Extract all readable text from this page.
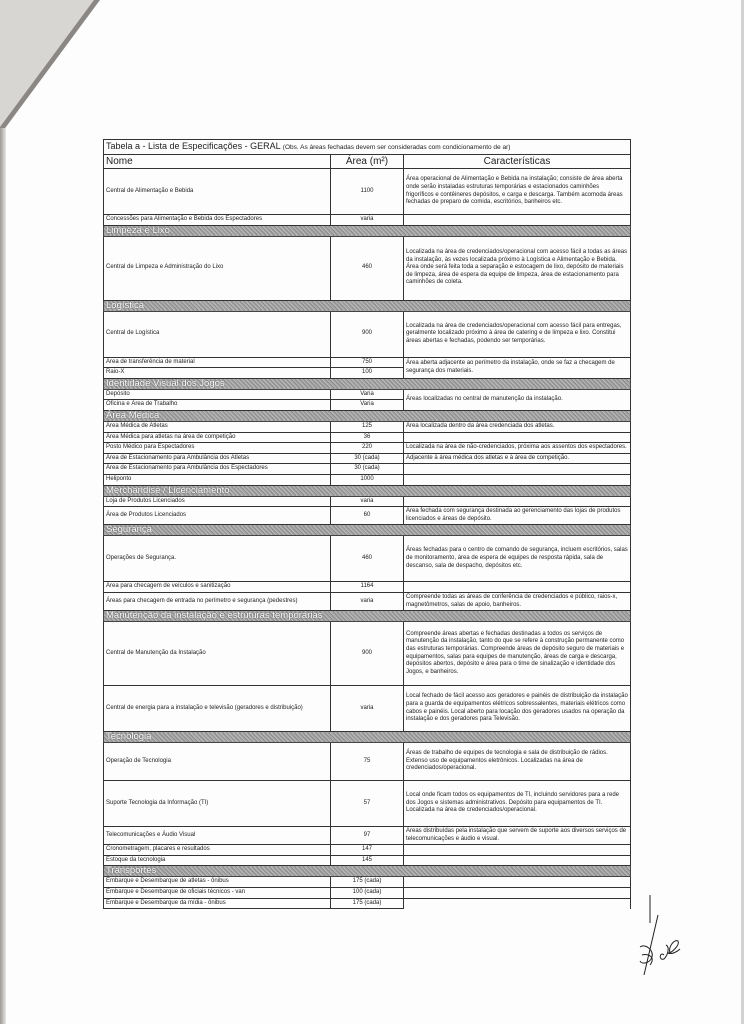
Tabela a - Lista de Especificações - GERAL (Obs. As áreas fechadas devem ser consideradas com condicionamento de ar)		
Nome	Área (m²)	Características
Central de Alimentação e Bebida	1100	Área operacional de Alimentação e Bebida na instalação; consiste de área aberta onde serão instaladas estruturas temporárias e estacionados caminhões frigoríficos e contêineres depósitos, e carga e descarga. Também acomoda áreas fechadas de preparo de comida, escritórios, banheiros etc.
Concessões para Alimentação e Bebida dos Espectadores	varia	
Limpeza e Lixo		
Central de Limpeza e Administração do Lixo	460	Localizada na área de credenciados/operacional com acesso fácil a todas as áreas da instalação, às vezes localizada próximo à Logística e Alimentação e Bebida. Área onde será feita toda a separação e estocagem de lixo, depósito de materiais de limpeza, área de espera da equipe de limpeza, área de estacionamento para caminhões de coleta.
Logística		
Central de Logística	900	Localizada na área de credenciados/operacional com acesso fácil para entregas, geralmente localizado próximo à área de catering e de limpeza e lixo. Constitui áreas abertas e fechadas, podendo ser temporárias.
Área de transferência de material	750	Área aberta adjacente ao perímetro da instalação, onde se faz a checagem de segurança dos materiais.
Raio-X	100	
Identidade Visual dos Jogos		
Depósito	Varia	Áreas localizadas no central de manutenção da instalação.
Oficina e Área de Trabalho	Varia	
Área Médica		
Área Médica de Atletas	125	Área localizada dentro da área credenciada dos atletas.
Área Médica para atletas na área de competição	36	
Posto Médico para Espectadores	220	Localizada na área de não-credenciados, próxima aos assentos dos espectadores.
Área de Estacionamento para Ambulância dos Atletas	30 (cada)	Adjacente à área médica dos atletas e à área de competição.
Área de Estacionamento para Ambulância dos Espectadores	30 (cada)	
Heliponto	1000	
Merchandise / Licenciamento		
Loja de Produtos Licenciados	varia	
Área de Produtos Licenciados	60	Área fechada com segurança destinada ao gerenciamento das lojas de produtos licenciados e áreas de depósito.
Segurança		
Operações de Segurança.	460	Áreas fechadas para o centro de comando de segurança, incluem escritórios, salas de monitoramento, área de espera de equipes de resposta rápida, sala de descanso, sala de despacho, depósitos etc.
Área para checagem de veículos e sanitização	1164	
Áreas para checagem de entrada no perímetro e segurança (pedestres)	varia	Compreende todas as áreas de conferência de credenciados e público, raios-x, magnetômetros, salas de apoio, banheiros.
Manutenção da instalação e estruturas temporárias		
Central de Manutenção da Instalação	900	Compreende áreas abertas e fechadas destinadas a todos os serviços de manutenção da instalação, tanto do que se refere à construção permanente como das estruturas temporárias. Compreende áreas de depósito seguro de materiais e equipamentos, salas para equipes de manutenção, áreas de carga e descarga, depósitos abertos, depósito e área para o time de sinalização e identidade dos Jogos, e banheiros.
Central de energia para a instalação e televisão (geradores e distribuição)	varia	Local fechado de fácil acesso aos geradores e painéis de distribuição da instalação para a guarda de equipamentos elétricos sobressalentes, materiais elétricos como cabos e painéis. Local aberto para locação dos geradores usados na operação da instalação e dos geradores para Televisão.
Tecnologia		
Operação de Tecnologia	75	Áreas de trabalho de equipes de tecnologia e sala de distribuição de rádios. Extenso uso de equipamentos eletrônicos. Localizadas na área de credenciados/operacional.
Suporte Tecnologia da Informação (TI)	57	Local onde ficam todos os equipamentos de TI, incluindo servidores para a rede dos Jogos e sistemas administrativos. Depósito para equipamentos de TI. Localizada na área de credenciados/operacional.
Telecomunicações e Áudio Visual	97	Áreas distribuídas pela instalação que servem de suporte aos diversos serviços de telecomunicações e áudio e visual.
Cronometragem, placares e resultados	147	
Estoque da tecnologia	145	
Transportes		
Embarque e Desembarque de atletas - ônibus	175 (cada)	
Embarque e Desembarque de oficiais técnicos - van	100 (cada)	
Embarque e Desembarque da mídia - ônibus	175 (cada)	
